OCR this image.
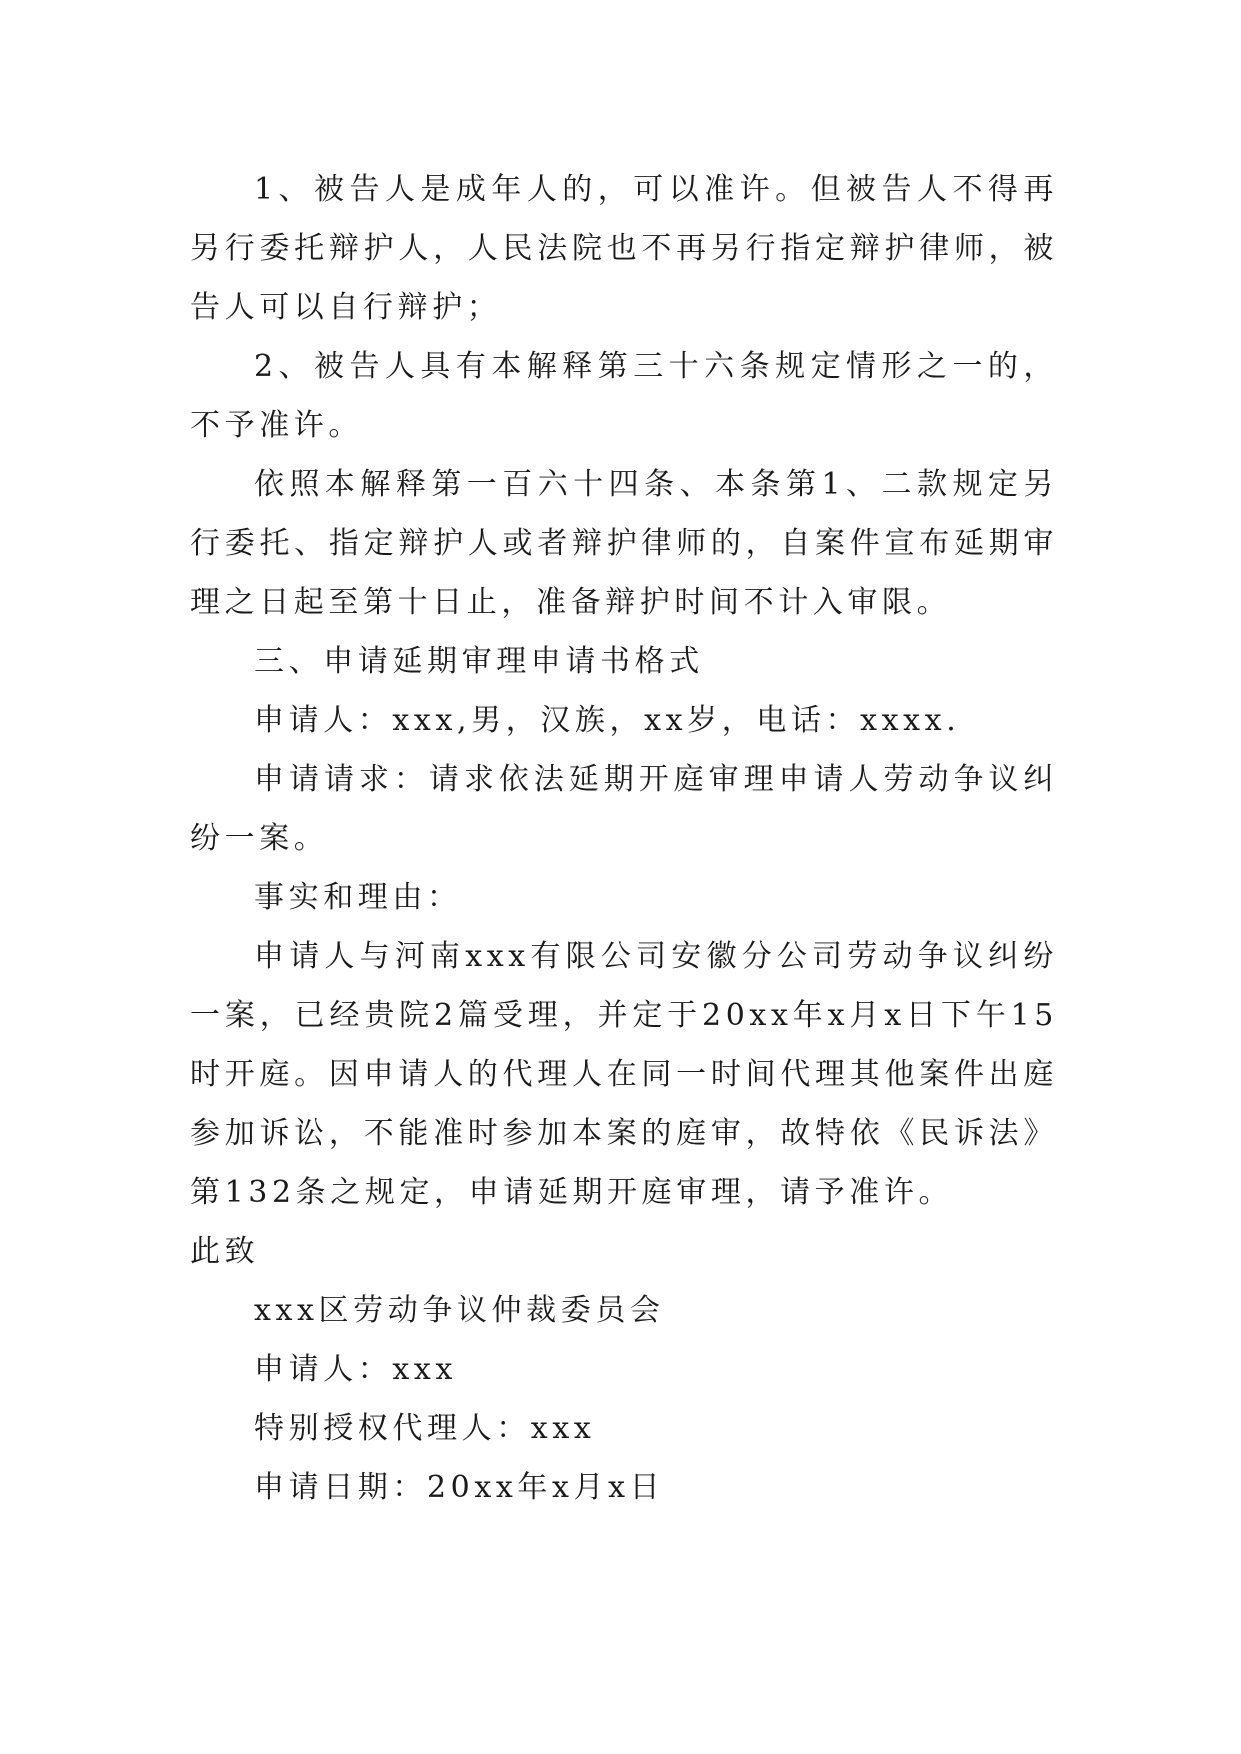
1、被告人是成年人的，可以准许。但被告人不得再另行委托辩护人，人民法院也不再另行指定辩护律师，被告人可以自行辩护；

2、被告人具有本解释第三十六条规定情形之一的，不予准许。

依照本解释第一百六十四条、本条第1、二款规定另行委托、指定辩护人或者辩护律师的，自案件宣布延期审理之日起至第十日止，准备辩护时间不计入审限。

三、申请延期审理申请书格式

申请人：xxx,男，汉族，xx岁，电话：xxxx.

申请请求：请求依法延期开庭审理申请人劳动争议纠纷一案。

事实和理由：

申请人与河南xxx有限公司安徽分公司劳动争议纠纷一案，已经贵院2篇受理，并定于20xx年x月x日下午15时开庭。因申请人的代理人在同一时间代理其他案件出庭参加诉讼，不能准时参加本案的庭审，故特依《民诉法》第132条之规定，申请延期开庭审理，请予准许。

此致

xxx区劳动争议仲裁委员会

申请人：xxx

特别授权代理人：xxx

申请日期：20xx年x月x日
